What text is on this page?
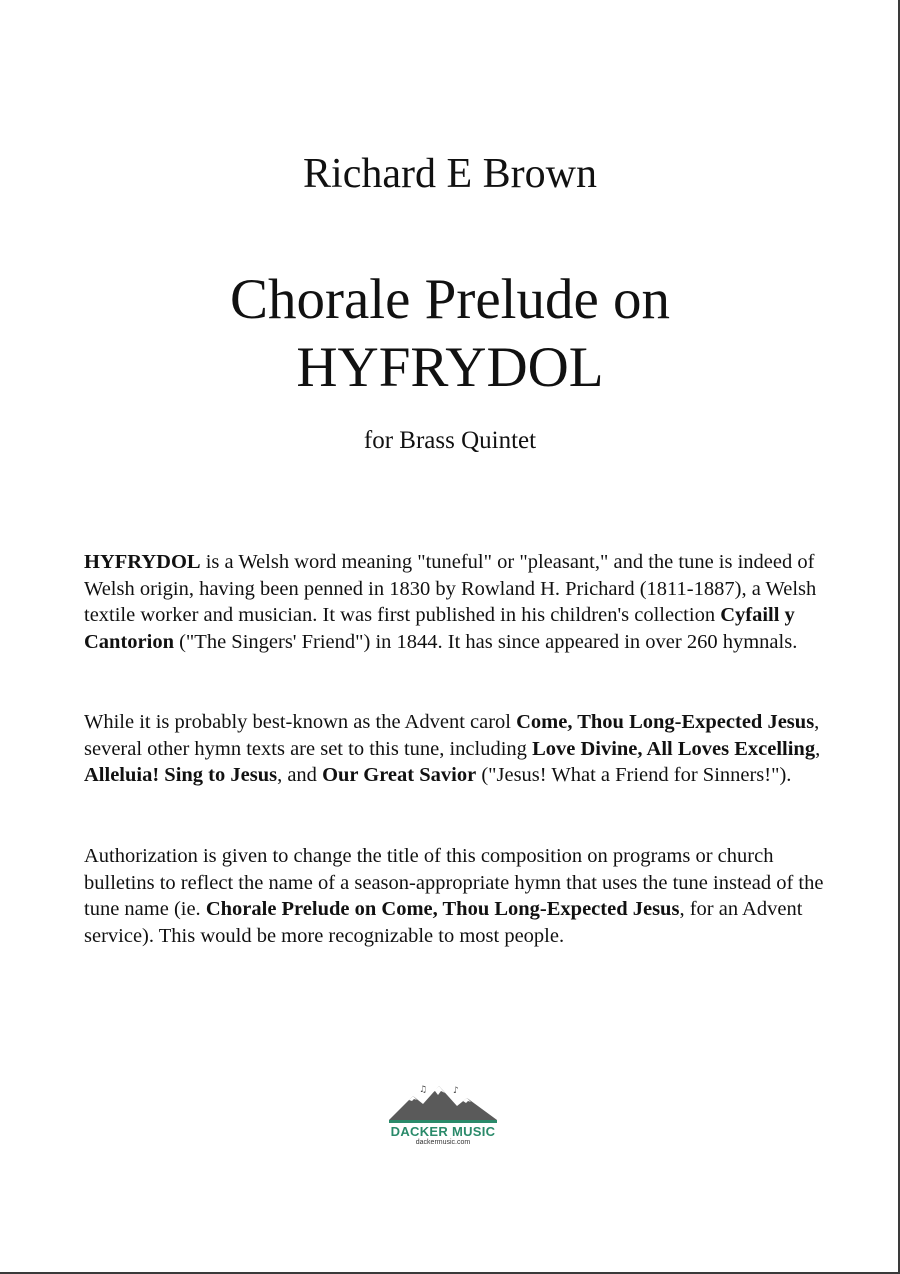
Richard E Brown
Chorale Prelude on
HYFRYDOL
for Brass Quintet

HYFRYDOL is a Welsh word meaning "tuneful" or "pleasant," and the tune is indeed of Welsh origin, having been penned in 1830 by Rowland H. Prichard (1811-1887), a Welsh textile worker and musician. It was first published in his children's collection Cyfaill y Cantorion ("The Singers' Friend") in 1844. It has since appeared in over 260 hymnals.

While it is probably best-known as the Advent carol Come, Thou Long-Expected Jesus, several other hymn texts are set to this tune, including Love Divine, All Loves Excelling, Alleluia! Sing to Jesus, and Our Great Savior ("Jesus! What a Friend for Sinners!").

Authorization is given to change the title of this composition on programs or church bulletins to reflect the name of a season-appropriate hymn that uses the tune instead of the tune name (ie. Chorale Prelude on Come, Thou Long-Expected Jesus, for an Advent service). This would be more recognizable to most people.

♫	♪
DACKER MUSIC
dackermusic.com
